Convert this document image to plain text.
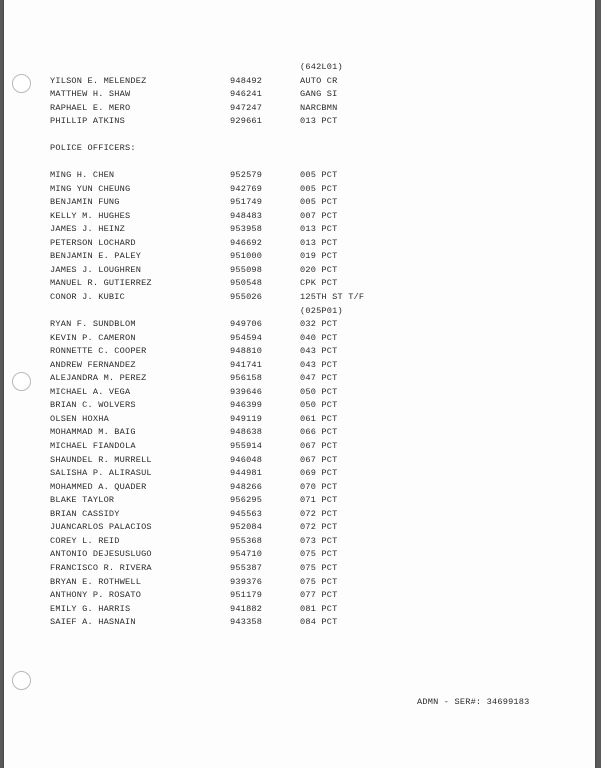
(642L01)
YILSON E. MELENDEZ	948492	AUTO CR
MATTHEW H. SHAW	946241	GANG SI
RAPHAEL E. MERO	947247	NARCBMN
PHILLIP ATKINS	929661	013 PCT
POLICE OFFICERS:
MING H. CHEN	952579	005 PCT
MING YUN CHEUNG	942769	005 PCT
BENJAMIN FUNG	951749	005 PCT
KELLY M. HUGHES	948483	007 PCT
JAMES J. HEINZ	953958	013 PCT
PETERSON LOCHARD	946692	013 PCT
BENJAMIN E. PALEY	951000	019 PCT
JAMES J. LOUGHREN	955098	020 PCT
MANUEL R. GUTIERREZ	950548	CPK PCT
CONOR J. KUBIC	955026	125TH ST T/F
(025P01)
RYAN F. SUNDBLOM	949706	032 PCT
KEVIN P. CAMERON	954594	040 PCT
RONNETTE C. COOPER	948810	043 PCT
ANDREW FERNANDEZ	941741	043 PCT
ALEJANDRA M. PEREZ	956158	047 PCT
MICHAEL A. VEGA	939646	050 PCT
BRIAN C. WOLVERS	946399	050 PCT
OLSEN HOXHA	949119	061 PCT
MOHAMMAD M. BAIG	948638	066 PCT
MICHAEL FIANDOLA	955914	067 PCT
SHAUNDEL R. MURRELL	946048	067 PCT
SALISHA P. ALIRASUL	944981	069 PCT
MOHAMMED A. QUADER	948266	070 PCT
BLAKE TAYLOR	956295	071 PCT
BRIAN CASSIDY	945563	072 PCT
JUANCARLOS PALACIOS	952084	072 PCT
COREY L. REID	955368	073 PCT
ANTONIO DEJESUSLUGO	954710	075 PCT
FRANCISCO R. RIVERA	955387	075 PCT
BRYAN E. ROTHWELL	939376	075 PCT
ANTHONY P. ROSATO	951179	077 PCT
EMILY G. HARRIS	941882	081 PCT
SAIEF A. HASNAIN	943358	084 PCT
ADMN - SER#: 34699183
